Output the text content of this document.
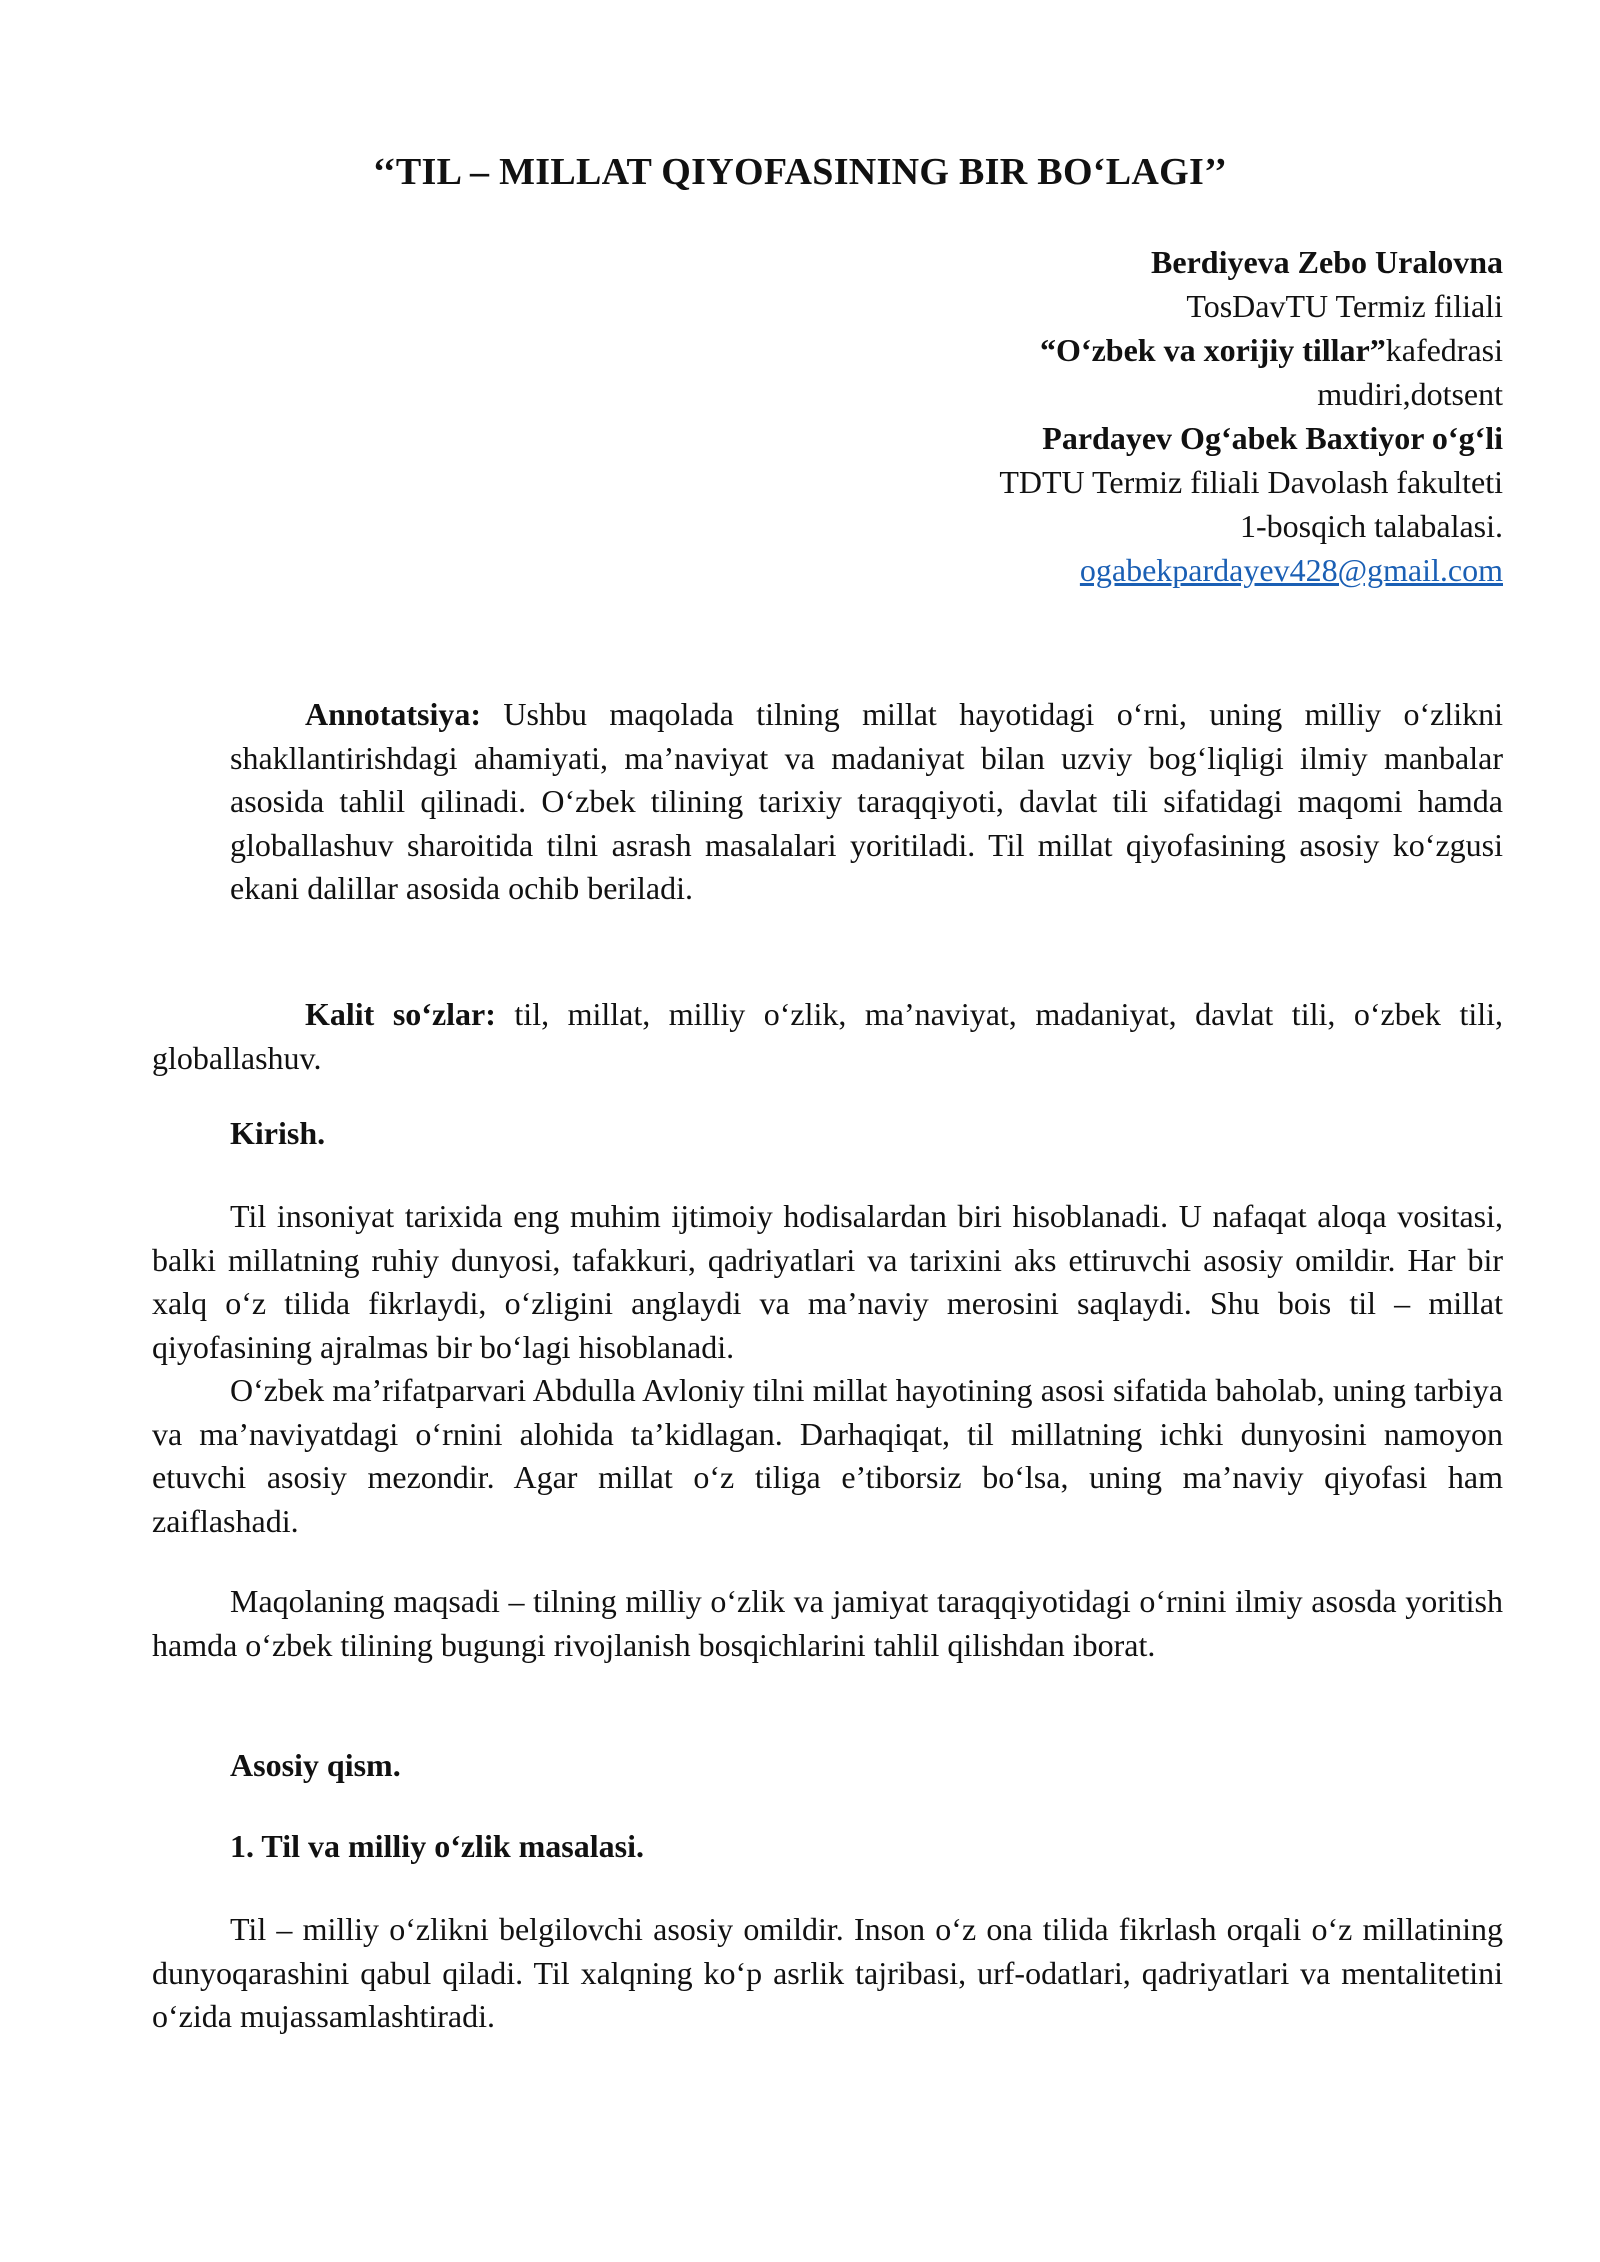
‘‘TIL – MILLAT QIYOFASINING BIR BO‘LAGI’’
Berdiyeva Zebo Uralovna
TosDavTU Termiz filiali
“O‘zbek va xorijiy tillar”kafedrasi
mudiri,dotsent
Pardayev Og‘abek Baxtiyor o‘g‘li
TDTU Termiz filiali Davolash fakulteti
1-bosqich talabalasi.
ogabekpardayev428@gmail.com
Annotatsiya: Ushbu maqolada tilning millat hayotidagi o‘rni, uning milliy o‘zlikni shakllantirishdagi ahamiyati, ma’naviyat va madaniyat bilan uzviy bog‘liqligi ilmiy manbalar asosida tahlil qilinadi. O‘zbek tilining tarixiy taraqqiyoti, davlat tili sifatidagi maqomi hamda globallashuv sharoitida tilni asrash masalalari yoritiladi. Til millat qiyofasining asosiy ko‘zgusi ekani dalillar asosida ochib beriladi.
Kalit so‘zlar: til, millat, milliy o‘zlik, ma’naviyat, madaniyat, davlat tili, o‘zbek tili, globallashuv.
Kirish.
Til insoniyat tarixida eng muhim ijtimoiy hodisalardan biri hisoblanadi. U nafaqat aloqa vositasi, balki millatning ruhiy dunyosi, tafakkuri, qadriyatlari va tarixini aks ettiruvchi asosiy omildir. Har bir xalq o‘z tilida fikrlaydi, o‘zligini anglaydi va ma’naviy merosini saqlaydi. Shu bois til – millat qiyofasining ajralmas bir bo‘lagi hisoblanadi.
O‘zbek ma’rifatparvari Abdulla Avloniy tilni millat hayotining asosi sifatida baholab, uning tarbiya va ma’naviyatdagi o‘rnini alohida ta’kidlagan. Darhaqiqat, til millatning ichki dunyosini namoyon etuvchi asosiy mezondir. Agar millat o‘z tiliga e’tiborsiz bo‘lsa, uning ma’naviy qiyofasi ham zaiflashadi.
Maqolaning maqsadi – tilning milliy o‘zlik va jamiyat taraqqiyotidagi o‘rnini ilmiy asosda yoritish hamda o‘zbek tilining bugungi rivojlanish bosqichlarini tahlil qilishdan iborat.
Asosiy qism.
1. Til va milliy o‘zlik masalasi.
Til – milliy o‘zlikni belgilovchi asosiy omildir. Inson o‘z ona tilida fikrlash orqali o‘z millatining dunyoqarashini qabul qiladi. Til xalqning ko‘p asrlik tajribasi, urf-odatlari, qadriyatlari va mentalitetini o‘zida mujassamlashtiradi.
